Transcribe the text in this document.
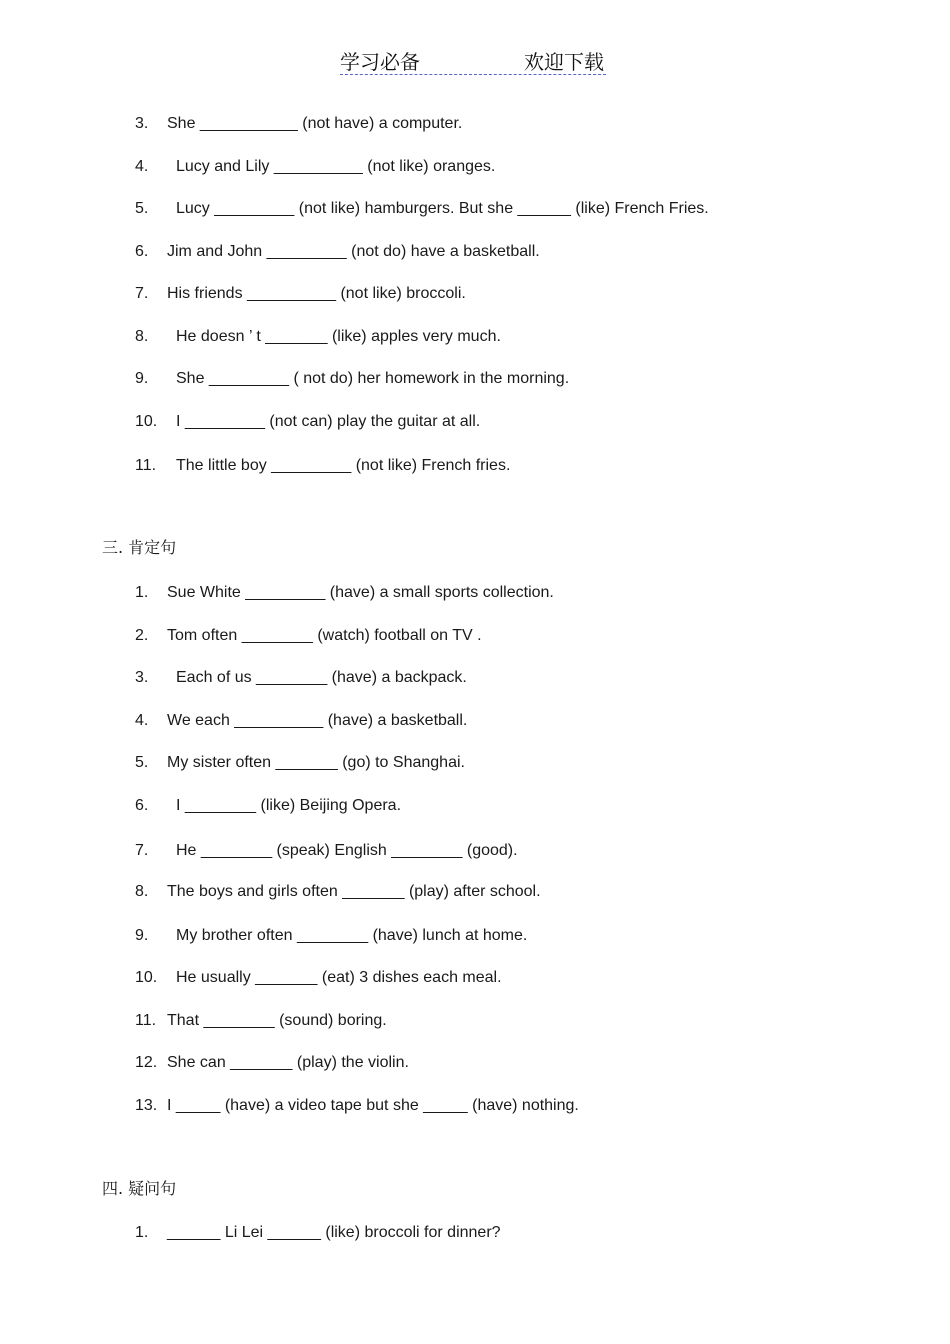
学习必备	欢迎下载
3. She ___________ (not have) a computer.
4. Lucy and Lily __________ (not like) oranges.
5. Lucy _________ (not like) hamburgers. But she ______ (like) French Fries.
6. Jim and John _________ (not do) have a basketball.
7. His friends __________ (not like) broccoli.
8. He doesn ’ t _______ (like) apples very much.
9. She _________ ( not do) her homework in the morning.
10. I _________ (not can) play the guitar at all.
11. The little boy _________ (not like) French fries.
三. 肯定句
1. Sue White _________ (have) a small sports collection.
2. Tom often ________ (watch) football on TV .
3. Each of us ________ (have) a backpack.
4. We each __________ (have) a basketball.
5. My sister often _______ (go) to Shanghai.
6. I ________ (like) Beijing Opera.
7. He ________ (speak) English ________ (good).
8. The boys and girls often _______ (play) after school.
9. My brother often ________ (have) lunch at home.
10. He usually _______ (eat) 3 dishes each meal.
11. That ________ (sound) boring.
12. She can _______ (play) the violin.
13. I _____ (have) a video tape but she _____ (have) nothing.
四. 疑问句
1. ______ Li Lei ______ (like) broccoli for dinner?
